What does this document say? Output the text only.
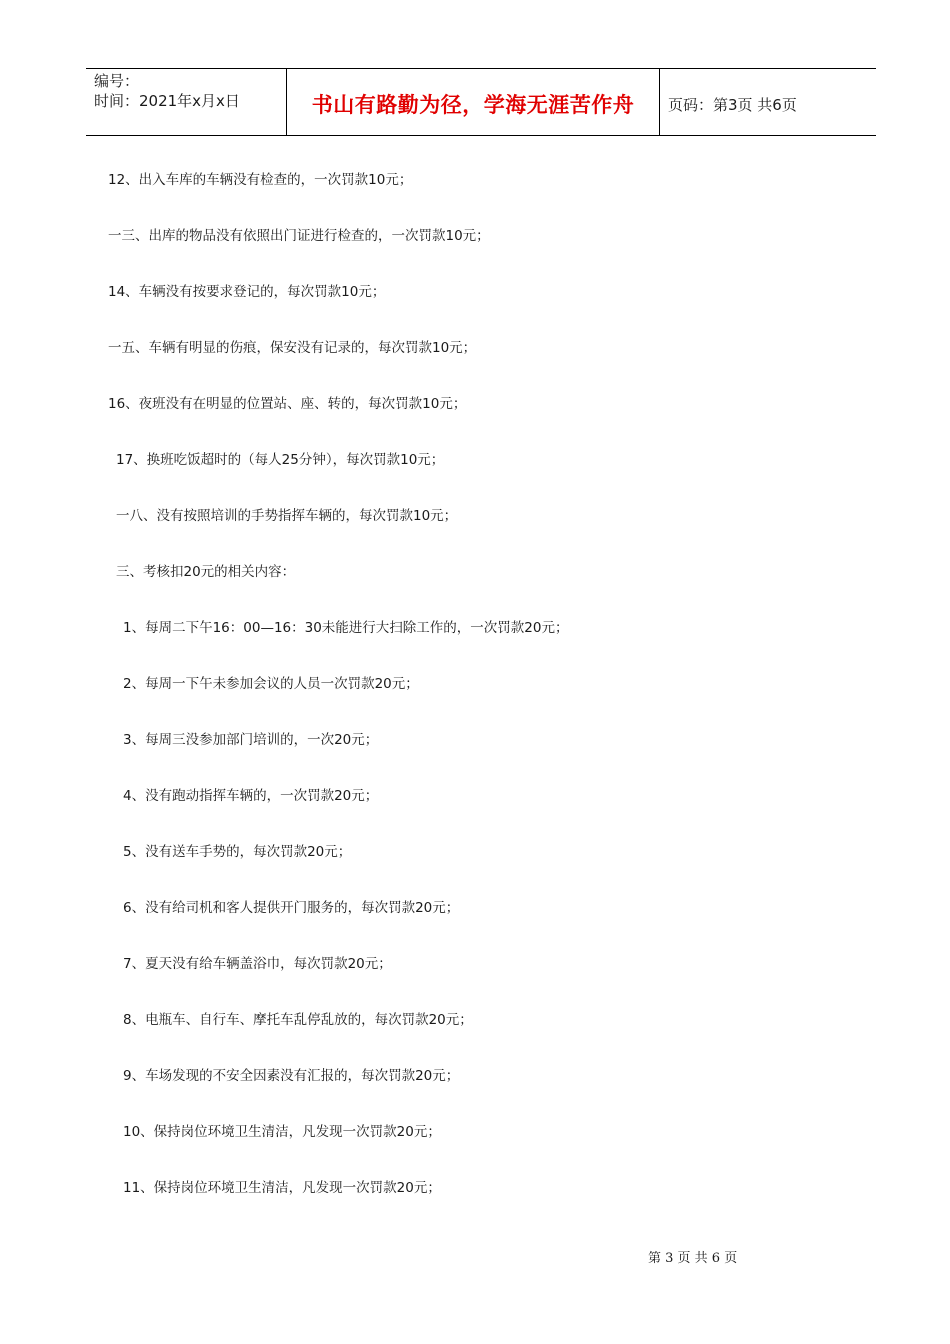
编号：
时间：2021年x月x日	书山有路勤为径，学海无涯苦作舟	页码：第3页 共6页
12、出入车库的车辆没有检查的，一次罚款10元；
一三、出库的物品没有依照出门证进行检查的，一次罚款10元；
14、车辆没有按要求登记的，每次罚款10元；
一五、车辆有明显的伤痕，保安没有记录的，每次罚款10元；
16、夜班没有在明显的位置站、座、转的，每次罚款10元；
17、换班吃饭超时的（每人25分钟），每次罚款10元；
一八、没有按照培训的手势指挥车辆的，每次罚款10元；
三、考核扣20元的相关内容：
1、每周二下午16：00—16：30未能进行大扫除工作的，一次罚款20元；
2、每周一下午未参加会议的人员一次罚款20元；
3、每周三没参加部门培训的，一次20元；
4、没有跑动指挥车辆的，一次罚款20元；
5、没有送车手势的，每次罚款20元；
6、没有给司机和客人提供开门服务的，每次罚款20元；
7、夏天没有给车辆盖浴巾，每次罚款20元；
8、电瓶车、自行车、摩托车乱停乱放的，每次罚款20元；
9、车场发现的不安全因素没有汇报的，每次罚款20元；
10、保持岗位环境卫生清洁，凡发现一次罚款20元；
11、保持岗位环境卫生清洁，凡发现一次罚款20元；
第 3 页 共 6 页
